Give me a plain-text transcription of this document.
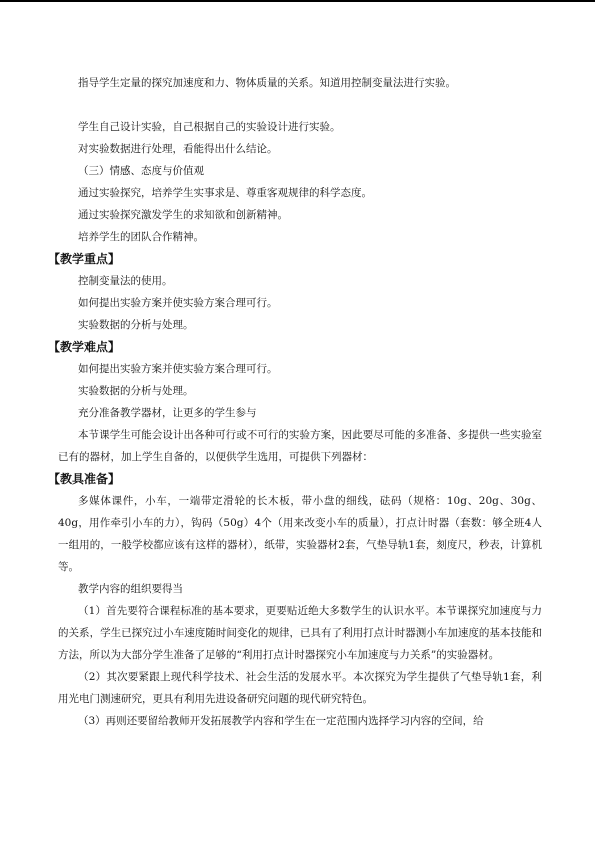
指导学生定量的探究加速度和力、物体质量的关系。知道用控制变量法进行实验。

学生自己设计实验，自己根据自己的实验设计进行实验。

对实验数据进行处理，看能得出什么结论。

（三）情感、态度与价值观

通过实验探究，培养学生实事求是、尊重客观规律的科学态度。

通过实验探究激发学生的求知欲和创新精神。

培养学生的团队合作精神。

【教学重点】

控制变量法的使用。

如何提出实验方案并使实验方案合理可行。

实验数据的分析与处理。

【教学难点】

如何提出实验方案并使实验方案合理可行。

实验数据的分析与处理。

充分准备教学器材，让更多的学生参与

本节课学生可能会设计出各种可行或不可行的实验方案，因此要尽可能的多准备、多提供一些实验室已有的器材，加上学生自备的，以便供学生选用，可提供下列器材：

【教具准备】

多媒体课件，小车，一端带定滑轮的长木板，带小盘的细线，砝码（规格：10g、20g、30g、40g，用作牵引小车的力），钩码（50g）4个（用来改变小车的质量），打点计时器（套数：够全班4人一组用的，一般学校都应该有这样的器材），纸带，实验器材2套，气垫导轨1套，刻度尺，秒表，计算机等。

教学内容的组织要得当

（1）首先要符合课程标准的基本要求，更要贴近绝大多数学生的认识水平。本节课探究加速度与力的关系，学生已探究过小车速度随时间变化的规律，已具有了利用打点计时器测小车加速度的基本技能和方法，所以为大部分学生准备了足够的“利用打点计时器探究小车加速度与力关系”的实验器材。

（2）其次要紧跟上现代科学技术、社会生活的发展水平。本次探究为学生提供了气垫导轨1套，利用光电门测速研究，更具有利用先进设备研究问题的现代研究特色。

（3）再则还要留给教师开发拓展教学内容和学生在一定范围内选择学习内容的空间，给
